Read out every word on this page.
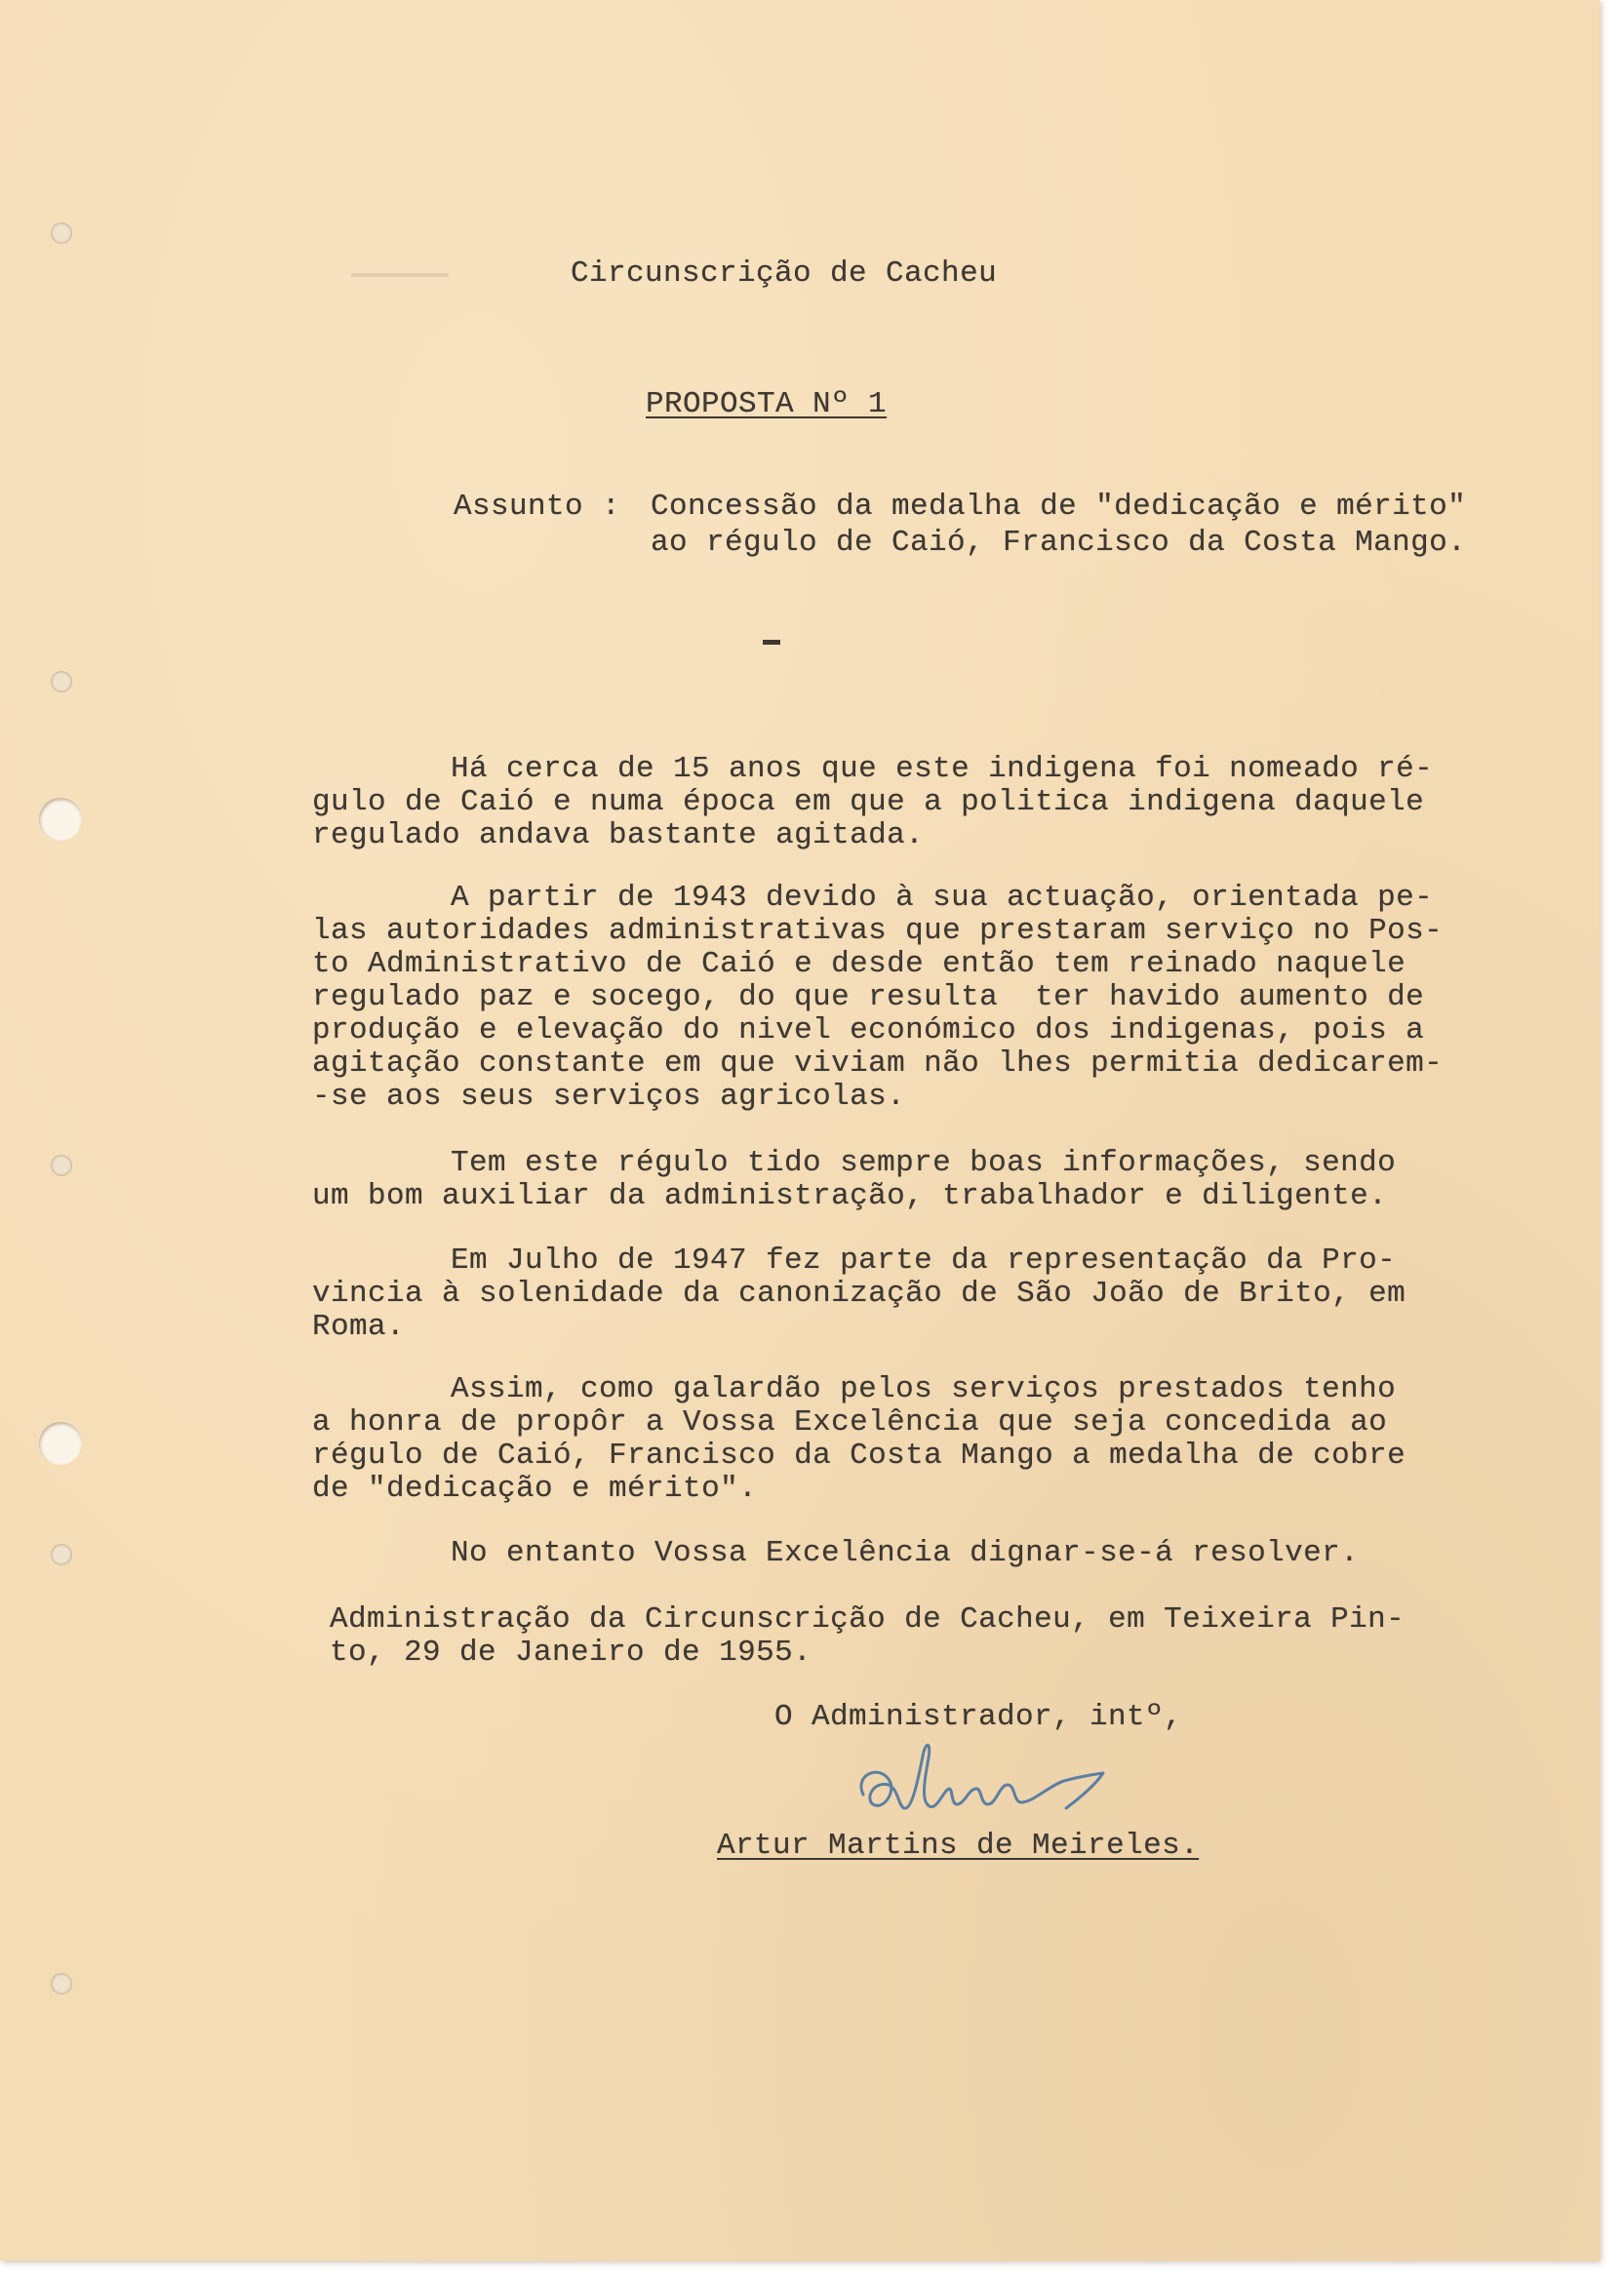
Circunscrição de Cacheu
PROPOSTA Nº 1
Assunto : Concessão da medalha de "dedicação e mérito"
ao régulo de Caió, Francisco da Costa Mango.
Há cerca de 15 anos que este indigena foi nomeado ré-
gulo de Caió e numa época em que a politica indigena daquele
regulado andava bastante agitada.
A partir de 1943 devido à sua actuação, orientada pe-
las autoridades administrativas que prestaram serviço no Pos-
to Administrativo de Caió e desde então tem reinado naquele
regulado paz e socego, do que resulta  ter havido aumento de
produção e elevação do nivel económico dos indigenas, pois a
agitação constante em que viviam não lhes permitia dedicarem-
-se aos seus serviços agricolas.
Tem este régulo tido sempre boas informações, sendo
um bom auxiliar da administração, trabalhador e diligente.
Em Julho de 1947 fez parte da representação da Pro-
vincia à solenidade da canonização de São João de Brito, em
Roma.
Assim, como galardão pelos serviços prestados tenho
a honra de propôr a Vossa Excelência que seja concedida ao
régulo de Caió, Francisco da Costa Mango a medalha de cobre
de "dedicação e mérito".
No entanto Vossa Excelência dignar-se-á resolver.
Administração da Circunscrição de Cacheu, em Teixeira Pin-
to, 29 de Janeiro de 1955.
O Administrador, intº,
Artur Martins de Meireles.
